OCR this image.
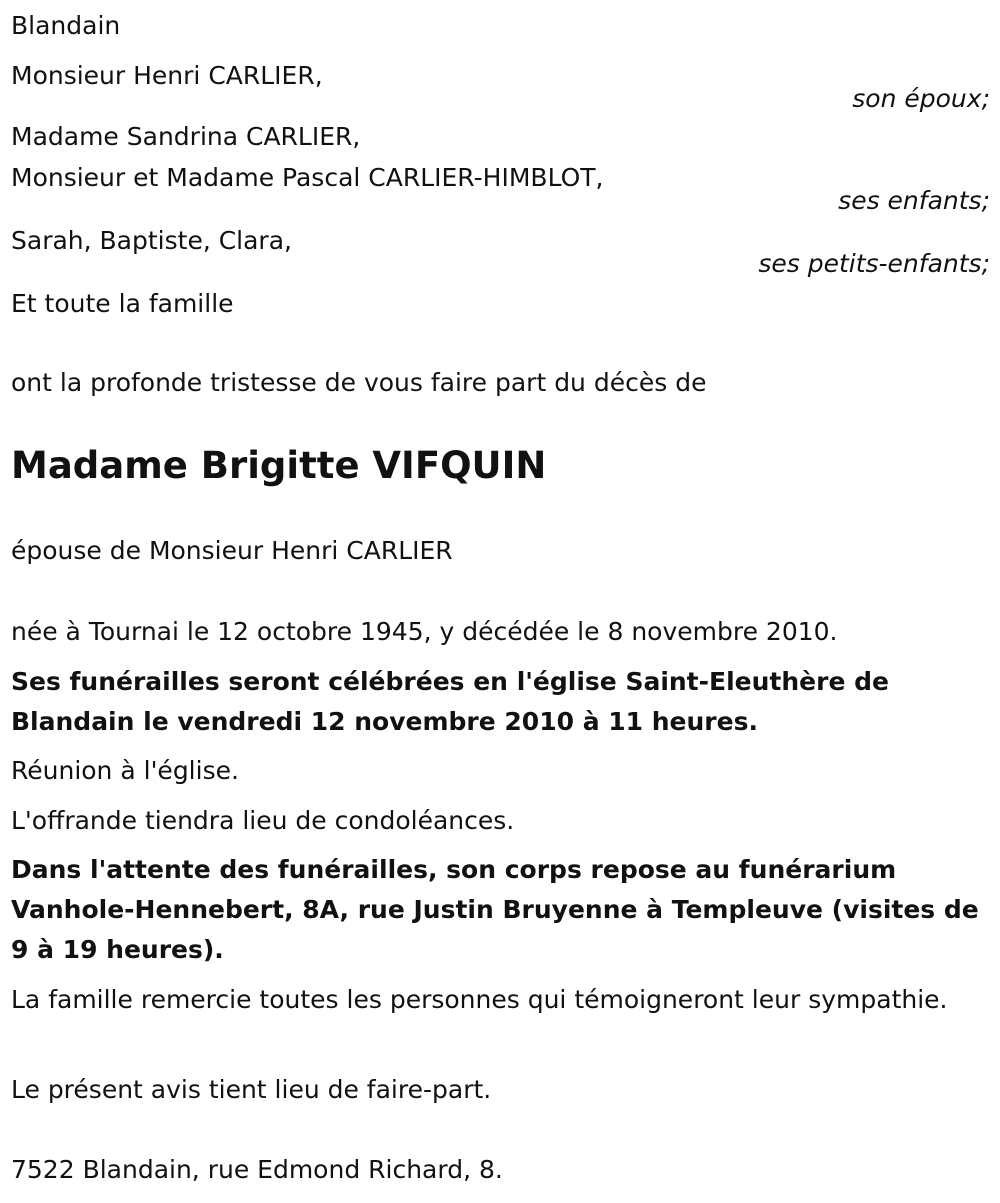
Blandain
Monsieur Henri CARLIER,
son époux;
Madame Sandrina CARLIER,
Monsieur et Madame Pascal CARLIER-HIMBLOT,
ses enfants;
Sarah, Baptiste, Clara,
ses petits-enfants;
Et toute la famille
ont la profonde tristesse de vous faire part du décès de
Madame Brigitte VIFQUIN
épouse de Monsieur Henri CARLIER
née à Tournai le 12 octobre 1945, y décédée le 8 novembre 2010.
Ses funérailles seront célébrées en l'église Saint-Eleuthère de Blandain le vendredi 12 novembre 2010 à 11 heures.
Réunion à l'église.
L'offrande tiendra lieu de condoléances.
Dans l'attente des funérailles, son corps repose au funérarium Vanhole-Hennebert, 8A, rue Justin Bruyenne à Templeuve (visites de 9 à 19 heures).
La famille remercie toutes les personnes qui témoigneront leur sympathie.
Le présent avis tient lieu de faire-part.
7522 Blandain, rue Edmond Richard, 8.
